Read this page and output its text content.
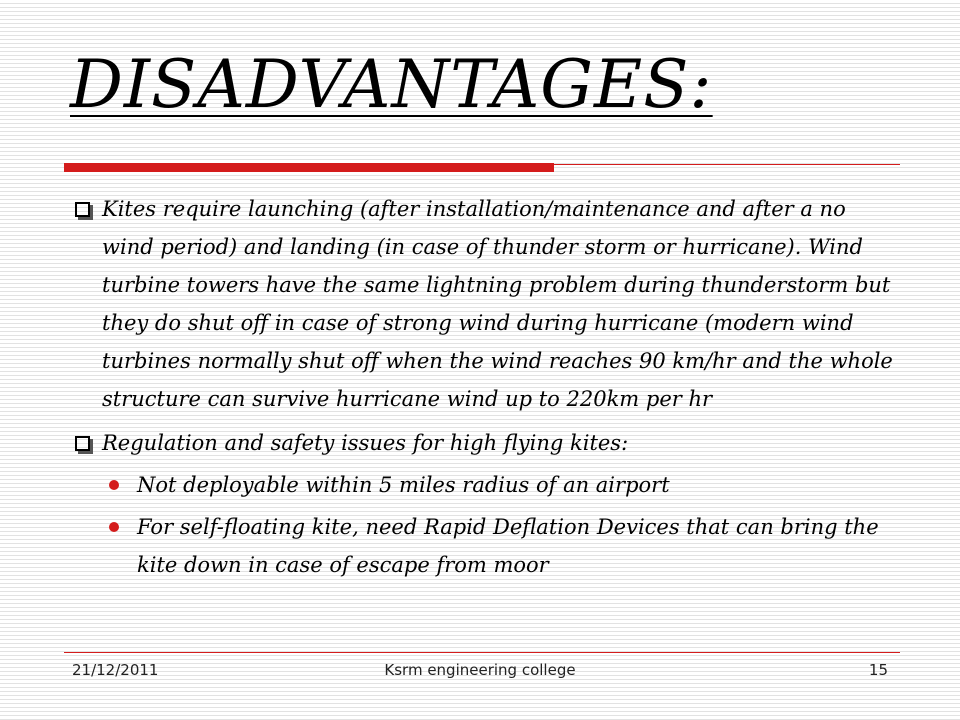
DISADVANTAGES:
Kites require launching (after installation/maintenance and after a no wind period) and landing (in case of thunder storm or hurricane). Wind turbine towers have the same lightning problem during thunderstorm but they do shut off in case of strong wind during hurricane (modern wind turbines normally shut off when the wind reaches 90 km/hr and the whole structure can survive hurricane wind up to 220km per hr
Regulation and safety issues for high flying kites:
Not deployable within 5 miles radius of an airport
For self-floating kite, need Rapid Deflation Devices that can bring the kite down in case of escape from moor
21/12/2011	Ksrm engineering college	15
